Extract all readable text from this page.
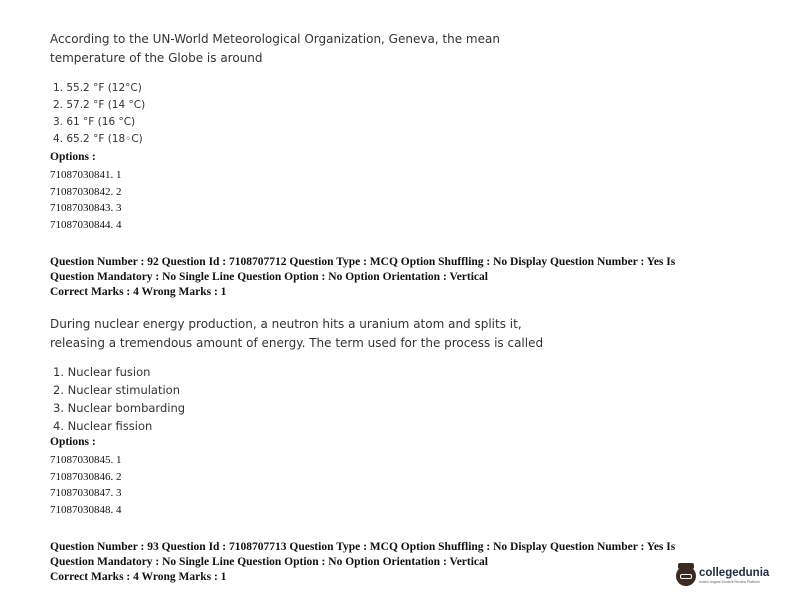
According to the UN-World Meteorological Organization, Geneva, the mean temperature of the Globe is around
1. 55.2 °F (12°C)
2. 57.2 °F (14 °C)
3. 61 °F (16 °C)
4. 65.2 °F (18◦C)
Options :
71087030841. 1
71087030842. 2
71087030843. 3
71087030844. 4
Question Number : 92 Question Id : 7108707712 Question Type : MCQ Option Shuffling : No Display Question Number : Yes Is
Question Mandatory : No Single Line Question Option : No Option Orientation : Vertical
Correct Marks : 4 Wrong Marks : 1
During nuclear energy production, a neutron hits a uranium atom and splits it, releasing a tremendous amount of energy. The term used for the process is called
1. Nuclear fusion
2. Nuclear stimulation
3. Nuclear bombarding
4. Nuclear fission
Options :
71087030845. 1
71087030846. 2
71087030847. 3
71087030848. 4
Question Number : 93 Question Id : 7108707713 Question Type : MCQ Option Shuffling : No Display Question Number : Yes Is
Question Mandatory : No Single Line Question Option : No Option Orientation : Vertical
Correct Marks : 4 Wrong Marks : 1	collegedunia
India's largest Student Review Platform
